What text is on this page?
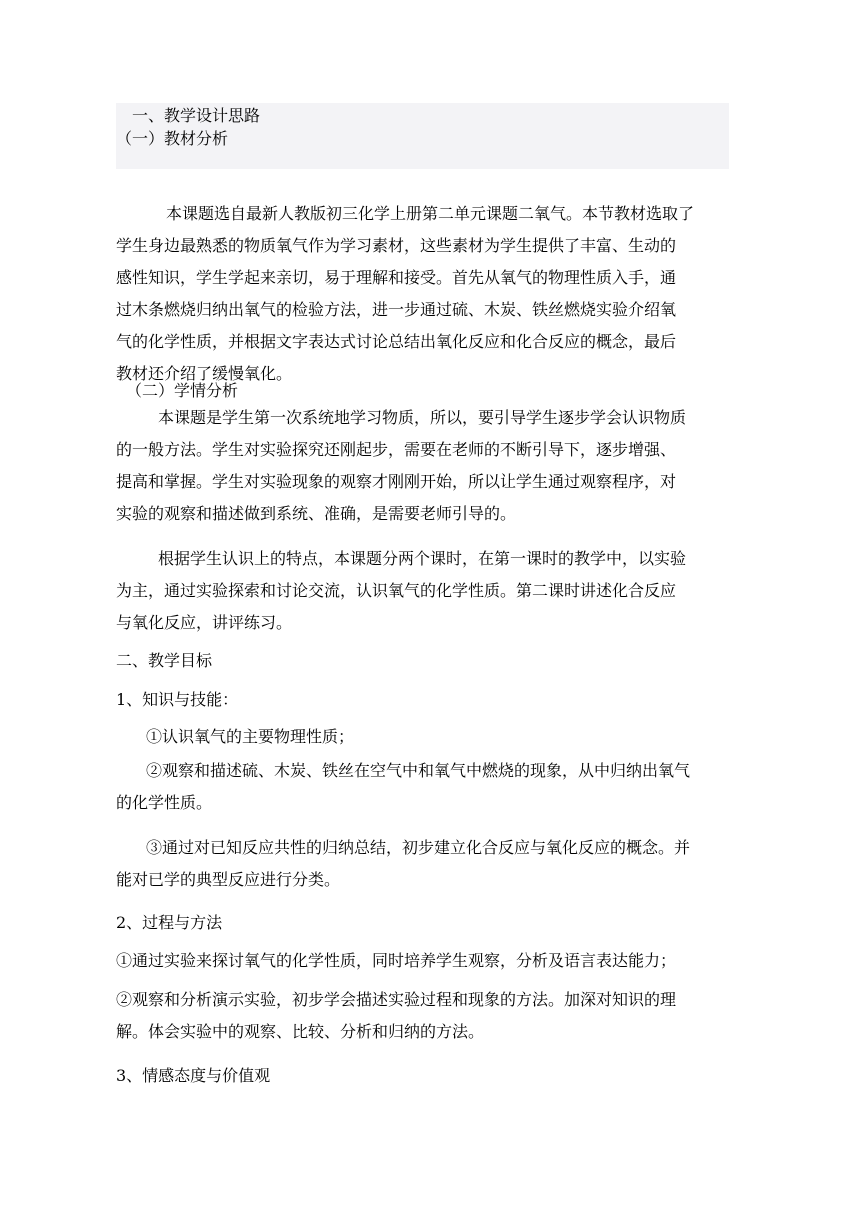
一、教学设计思路
（一）教材分析
本课题选自最新人教版初三化学上册第二单元课题二氧气。本节教材选取了
学生身边最熟悉的物质氧气作为学习素材，这些素材为学生提供了丰富、生动的
感性知识，学生学起来亲切，易于理解和接受。首先从氧气的物理性质入手，通
过木条燃烧归纳出氧气的检验方法，进一步通过硫、木炭、铁丝燃烧实验介绍氧
气的化学性质，并根据文字表达式讨论总结出氧化反应和化合反应的概念，最后
教材还介绍了缓慢氧化。
（二）学情分析
本课题是学生第一次系统地学习物质，所以，要引导学生逐步学会认识物质
的一般方法。学生对实验探究还刚起步，需要在老师的不断引导下，逐步增强、
提高和掌握。学生对实验现象的观察才刚刚开始，所以让学生通过观察程序，对
实验的观察和描述做到系统、准确，是需要老师引导的。
根据学生认识上的特点，本课题分两个课时，在第一课时的教学中，以实验
为主，通过实验探索和讨论交流，认识氧气的化学性质。第二课时讲述化合反应
与氧化反应，讲评练习。
二、教学目标
1、知识与技能：
①认识氧气的主要物理性质；
②观察和描述硫、木炭、铁丝在空气中和氧气中燃烧的现象，从中归纳出氧气
的化学性质。
③通过对已知反应共性的归纳总结，初步建立化合反应与氧化反应的概念。并
能对已学的典型反应进行分类。
2、过程与方法
①通过实验来探讨氧气的化学性质，同时培养学生观察，分析及语言表达能力；
②观察和分析演示实验，初步学会描述实验过程和现象的方法。加深对知识的理
解。体会实验中的观察、比较、分析和归纳的方法。
3、情感态度与价值观
